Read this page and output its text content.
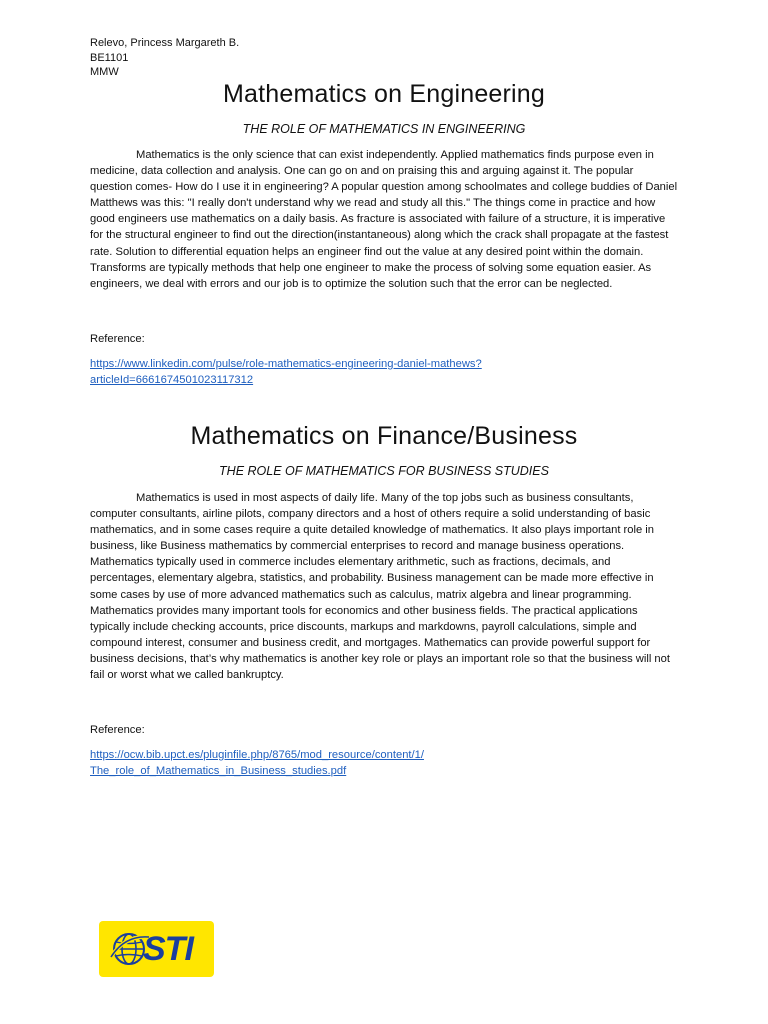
Relevo, Princess Margareth B.
BE1101
MMW
Mathematics on Engineering

THE ROLE OF MATHEMATICS IN ENGINEERING

Mathematics is the only science that can exist independently. Applied mathematics finds purpose even in medicine, data collection and analysis. One can go on and on praising this and arguing against it. The popular question comes- How do I use it in engineering? A popular question among schoolmates and college buddies of Daniel Matthews was this: "I really don't understand why we read and study all this." The things come in practice and how good engineers use mathematics on a daily basis. As fracture is associated with failure of a structure, it is imperative for the structural engineer to find out the direction(instantaneous) along which the crack shall propagate at the fastest rate. Solution to differential equation helps an engineer find out the value at any desired point within the domain. Transforms are typically methods that help one engineer to make the process of solving some equation easier. As engineers, we deal with errors and our job is to optimize the solution such that the error can be neglected.

Reference:

https://www.linkedin.com/pulse/role-mathematics-engineering-daniel-mathews?
articleId=6661674501023117312
Mathematics on Finance/Business

THE ROLE OF MATHEMATICS FOR BUSINESS STUDIES

Mathematics is used in most aspects of daily life. Many of the top jobs such as business consultants, computer consultants, airline pilots, company directors and a host of others require a solid understanding of basic mathematics, and in some cases require a quite detailed knowledge of mathematics. It also plays important role in business, like Business mathematics by commercial enterprises to record and manage business operations. Mathematics typically used in commerce includes elementary arithmetic, such as fractions, decimals, and percentages, elementary algebra, statistics, and probability. Business management can be made more effective in some cases by use of more advanced mathematics such as calculus, matrix algebra and linear programming. Mathematics provides many important tools for economics and other business fields. The practical applications typically include checking accounts, price discounts, markups and markdowns, payroll calculations, simple and compound interest, consumer and business credit, and mortgages. Mathematics can provide powerful support for business decisions, that’s why mathematics is another key role or plays an important role so that the business will not fail or worst what we called bankruptcy.

Reference:

https://ocw.bib.upct.es/pluginfile.php/8765/mod_resource/content/1/
The_role_of_Mathematics_in_Business_studies.pdf
STI
